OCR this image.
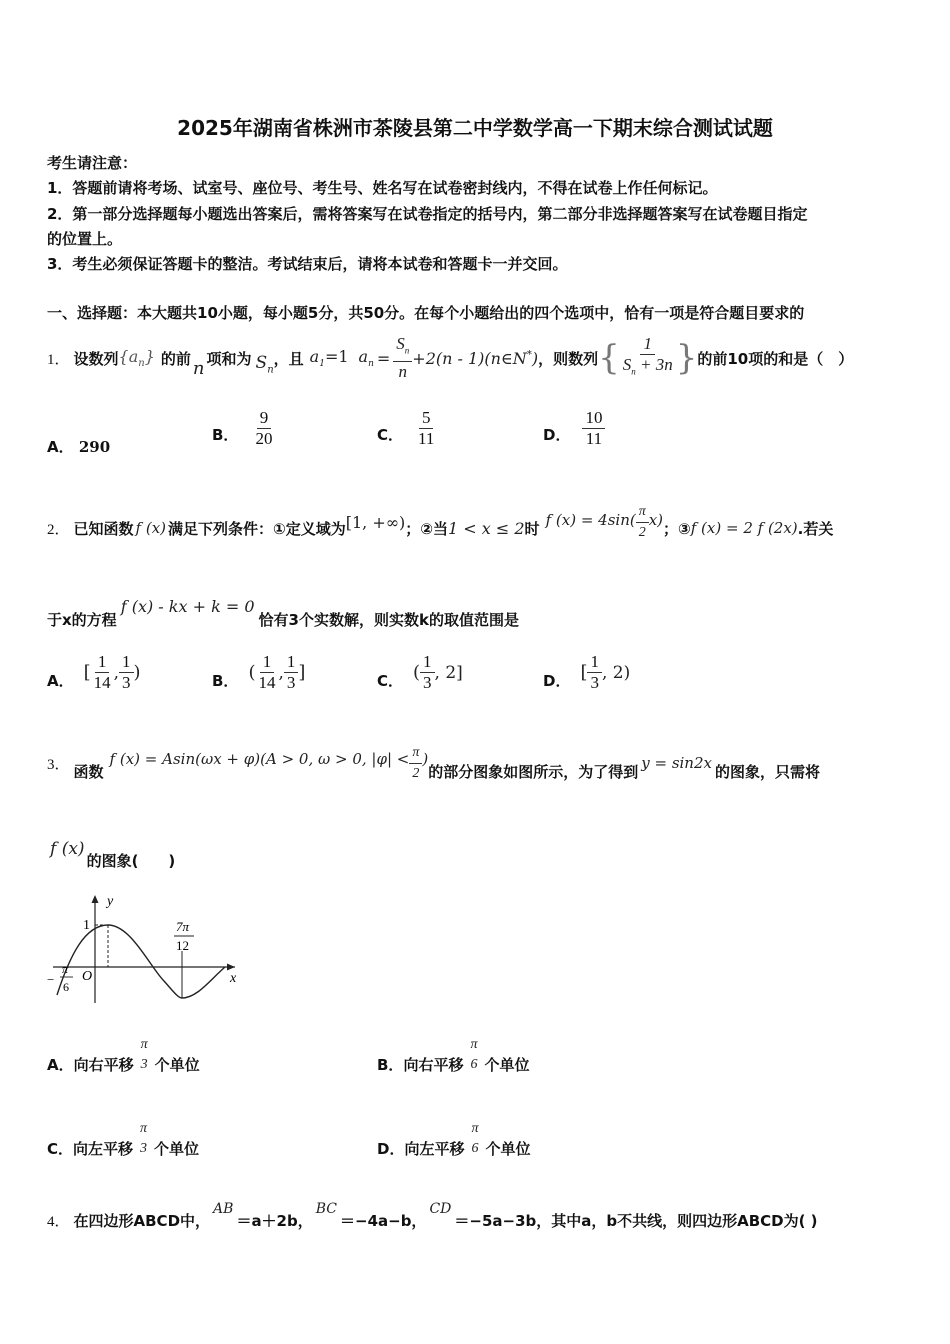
2025年湖南省株洲市茶陵县第二中学数学高一下期末综合测试试题
考生请注意：
1．答题前请将考场、试室号、座位号、考生号、姓名写在试卷密封线内，不得在试卷上作任何标记。
2．第一部分选择题每小题选出答案后，需将答案写在试卷指定的括号内，第二部分非选择题答案写在试卷题目指定
的位置上。
3．考生必须保证答题卡的整洁。考试结束后，请将本试卷和答题卡一并交回。
一、选择题：本大题共10小题，每小题5分，共50分。在每个小题给出的四个选项中，恰有一项是符合题目要求的
1． 设数列 $\{a_n\}$ 的前 n 项和为 $S_n$
，且 $a_1=1$ $a_n = \frac{S_n}{n} +2(n$ - 1)(n∈N*) ，则数列 { $\frac{1}{S_n + 3n}$ } 的前10项的和是（　）
A． 290
B． $\frac{9}{20}$	C． $\frac{5}{11}$	D． $\frac{10}{11}$
2． 已知函数 f (x) 满足下列条件：①定义域为 [1, +∞) ；②当 1 < x ≤ 2 时 f $(x) = 4\sin( \frac{\pi}{2} x)$ ；③ f (x) = 2 f (2x) .若关
于x的方程
f (x) - kx + k = 0
恰有3个实数解，则实数k的取值范围是
A． [ $\frac{1}{14}$ , $\frac{1}{3}$ )	B． ( $\frac{1}{14}$ , $\frac{1}{3}$ ]	C． ( $\frac{1}{3}$ , 2]	D． [ $\frac{1}{3}$ , 2)
3． 函数
f (x) = Asin(ωx + φ)(A > 0, ω > 0, $|\varphi| < \frac{\pi}{2}$ )
的部分图象如图所示，为了得到 y = sin2x 的图象，只需将
f (x)
的图象(　　)
y
x
1
O
−
π
6
7π
12
A． 向右平移
π
3 个单位	B． 向右平移
π
6 个单位
C． 向左平移
π
3 个单位	D． 向左平移
π
6 个单位
4． 在四边形ABCD中，
AB
＝a＋2b，
BC
＝−4a−b，
CD
＝−5a−3b，其中a，b不共线，则四边形ABCD为( )
